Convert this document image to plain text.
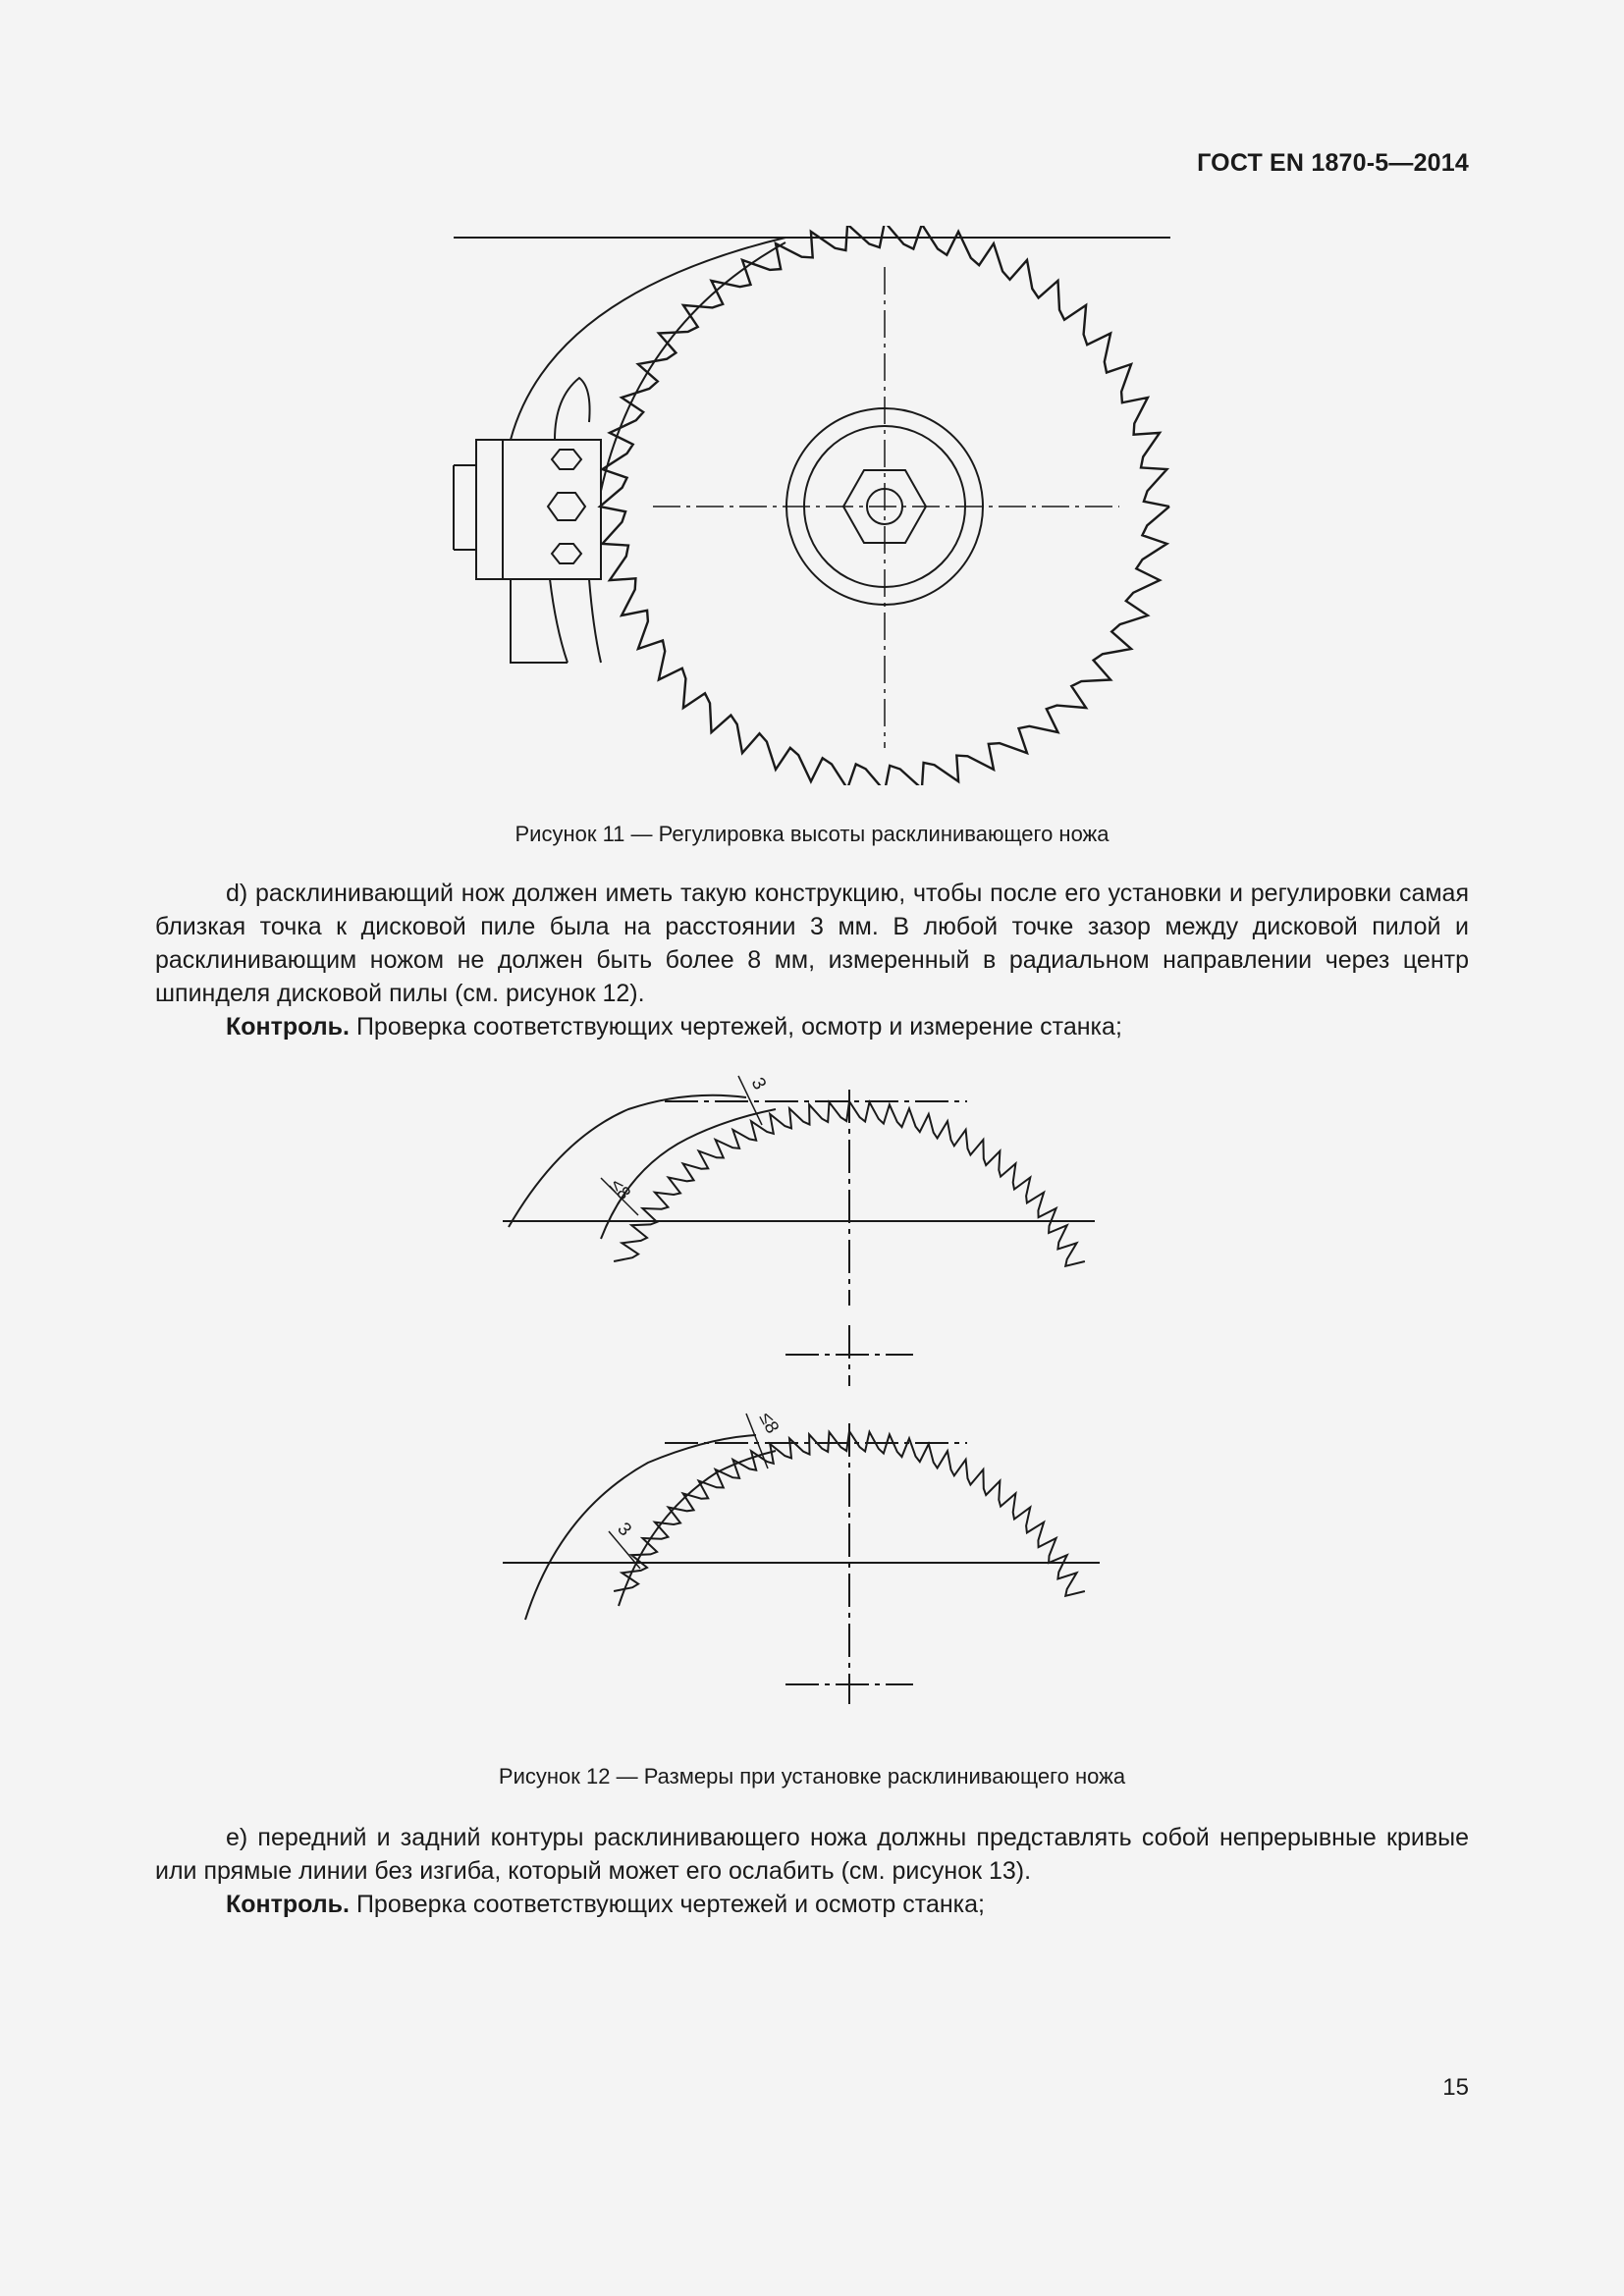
ГОСТ EN 1870-5—2014
Рисунок 11 — Регулировка высоты расклинивающего ножа

d) расклинивающий нож должен иметь такую конструкцию, чтобы после его установки и регулировки самая близкая точка к дисковой пиле была на расстоянии 3 мм. В любой точке зазор между дисковой пилой и расклинивающим ножом не должен быть более 8 мм, измеренный в радиальном направлении через центр шпинделя дисковой пилы (см. рисунок 12).

Контроль. Проверка соответствующих чертежей, осмотр и измерение станка;

3
≤8
≤8
3
Рисунок 12 — Размеры при установке расклинивающего ножа

e) передний и задний контуры расклинивающего ножа должны представлять собой непрерывные кривые или прямые линии без изгиба, который может его ослабить (см. рисунок 13).

Контроль. Проверка соответствующих чертежей и осмотр станка;

15
